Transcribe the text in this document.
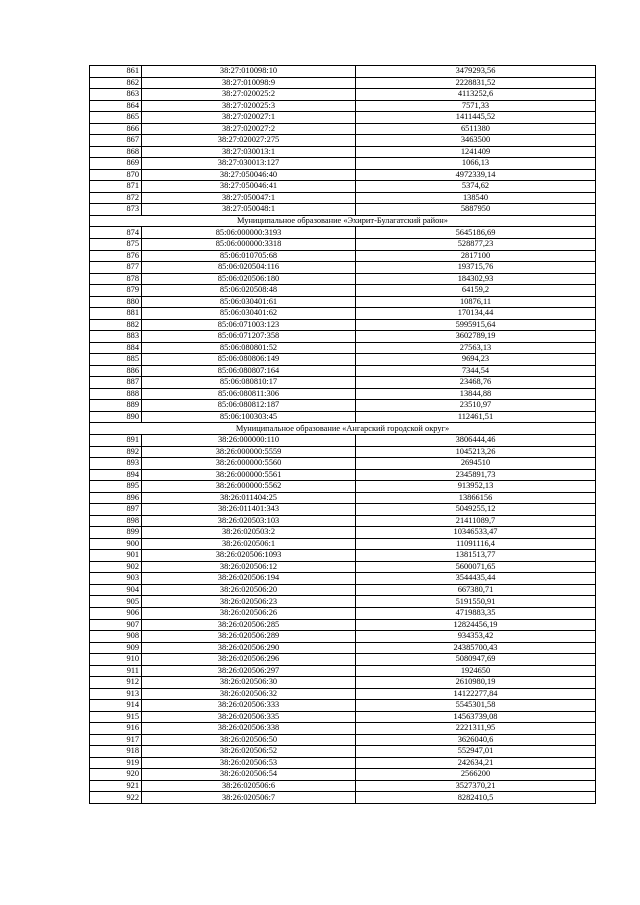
861	38:27:010098:10	3479293,56
862	38:27:010098:9	2228831,52
863	38:27:020025:2	4113252,6
864	38:27:020025:3	7571,33
865	38:27:020027:1	1411445,52
866	38:27:020027:2	6511380
867	38:27:020027:275	3463500
868	38:27:030013:1	1241409
869	38:27:030013:127	1066,13
870	38:27:050046:40	4972339,14
871	38:27:050046:41	5374,62
872	38:27:050047:1	138540
873	38:27:050048:1	5887950
Муниципальное образование «Эхирит-Булагатский район»		
874	85:06:000000:3193	5645186,69
875	85:06:000000:3318	528877,23
876	85:06:010705:68	2817100
877	85:06:020504:116	193715,76
878	85:06:020506:180	184302,93
879	85:06:020508:48	64159,2
880	85:06:030401:61	10876,11
881	85:06:030401:62	170134,44
882	85:06:071003:123	5995915,64
883	85:06:071207:358	3602789,19
884	85:06:080801:52	27563,13
885	85:06:080806:149	9694,23
886	85:06:080807:164	7344,54
887	85:06:080810:17	23468,76
888	85:06:080811:306	13844,88
889	85:06:080812:187	23510,97
890	85:06:100303:45	112461,51
Муниципальное образование «Ангарский городской округ»		
891	38:26:000000:110	3806444,46
892	38:26:000000:5559	1045213,26
893	38:26:000000:5560	2694510
894	38:26:000000:5561	2345891,73
895	38:26:000000:5562	913952,13
896	38:26:011404:25	13866156
897	38:26:011401:343	5049255,12
898	38:26:020503:103	21411089,7
899	38:26:020503:2	10346533,47
900	38:26:020506:1	11091116,4
901	38:26:020506:1093	1381513,77
902	38:26:020506:12	5600071,65
903	38:26:020506:194	3544435,44
904	38:26:020506:20	667380,71
905	38:26:020506:23	5191550,91
906	38:26:020506:26	4719883,35
907	38:26:020506:285	12824456,19
908	38:26:020506:289	934353,42
909	38:26:020506:290	24385700,43
910	38:26:020506:296	5080947,69
911	38:26:020506:297	1924650
912	38:26:020506:30	2610980,19
913	38:26:020506:32	14122277,84
914	38:26:020506:333	5545301,58
915	38:26:020506:335	14563739,08
916	38:26:020506:338	2221311,95
917	38:26:020506:50	3626040,6
918	38:26:020506:52	552947,01
919	38:26:020506:53	242634,21
920	38:26:020506:54	2566200
921	38:26:020506:6	3527370,21
922	38:26:020506:7	8282410,5
